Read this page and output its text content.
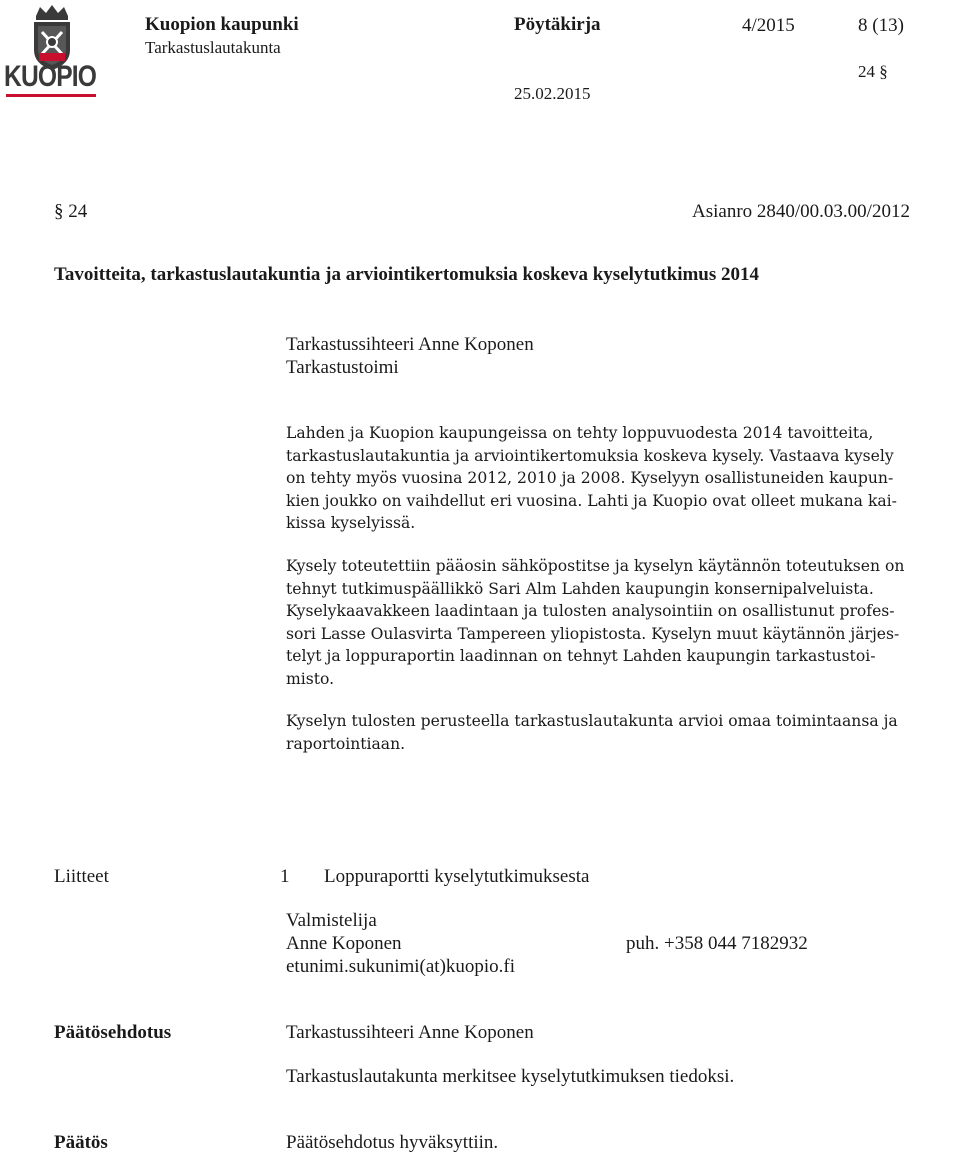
KUOPIO
Kuopion kaupunki
Tarkastuslautakunta
Pöytäkirja	4/2015	8 (13)
24 §
25.02.2015
§ 24	Asianro 2840/00.03.00/2012
Tavoitteita, tarkastuslautakuntia ja arviointikertomuksia koskeva kyselytutkimus 2014
Tarkastussihteeri Anne Koponen
Tarkastustoimi

Lahden ja Kuopion kaupungeissa on tehty loppuvuodesta 2014 tavoitteita,

tarkastuslautakuntia ja arviointikertomuksia koskeva kysely. Vastaava kysely

on tehty myös vuosina 2012, 2010 ja 2008. Kyselyyn osallistuneiden kaupun-

kien joukko on vaihdellut eri vuosina. Lahti ja Kuopio ovat olleet mukana kai-

kissa kyselyissä.

Kysely toteutettiin pääosin sähköpostitse ja kyselyn käytännön toteutuksen on

tehnyt tutkimuspäällikkö Sari Alm Lahden kaupungin konsernipalveluista.

Kyselykaavakkeen laadintaan ja tulosten analysointiin on osallistunut profes-

sori Lasse Oulasvirta Tampereen yliopistosta. Kyselyn muut käytännön järjes-

telyt ja loppuraportin laadinnan on tehnyt Lahden kaupungin tarkastustoi-

misto.

Kyselyn tulosten perusteella tarkastuslautakunta arvioi omaa toimintaansa ja

raportointiaan.

Liitteet	1 Loppuraportti kyselytutkimuksesta
Valmistelija
Anne Koponen	puh. +358 044 7182932
etunimi.sukunimi(at)kuopio.fi
Päätösehdotus	Tarkastussihteeri Anne Koponen
Tarkastuslautakunta merkitsee kyselytutkimuksen tiedoksi.
Päätös	Päätösehdotus hyväksyttiin.
